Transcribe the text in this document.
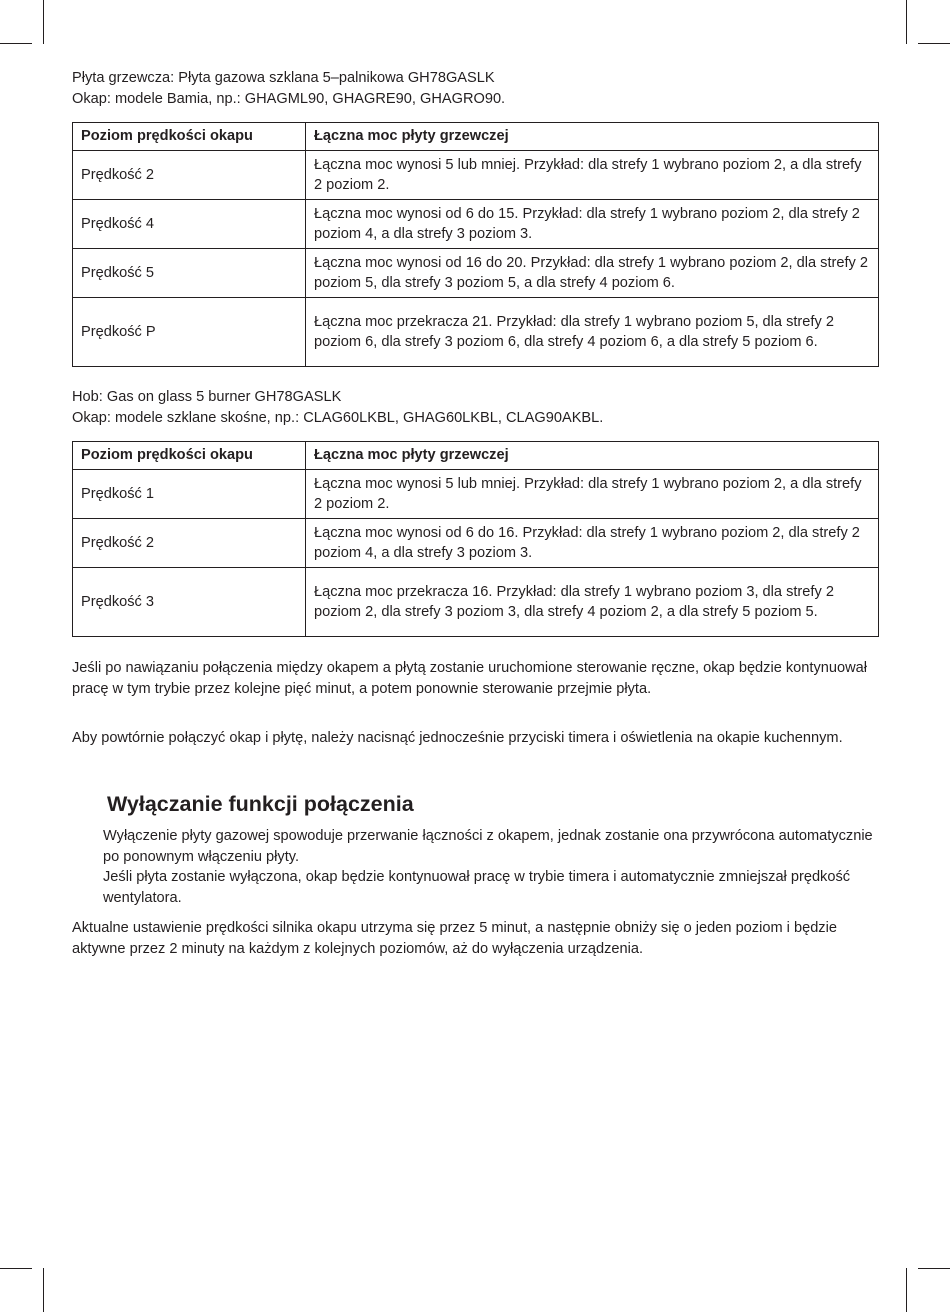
Płyta grzewcza: Płyta gazowa szklana 5–palnikowa GH78GASLK

Okap: modele Bamia, np.: GHAGML90, GHAGRE90, GHAGRO90.

Poziom prędkości okapu	Łączna moc płyty grzewczej
Prędkość 2	Łączna moc wynosi 5 lub mniej. Przykład: dla strefy 1 wybrano poziom 2, a dla strefy 2 poziom 2.
Prędkość 4	Łączna moc wynosi od 6 do 15. Przykład: dla strefy 1 wybrano poziom 2, dla strefy 2 poziom 4, a dla strefy 3 poziom 3.
Prędkość 5	Łączna moc wynosi od 16 do 20. Przykład: dla strefy 1 wybrano poziom 2, dla strefy 2 poziom 5, dla strefy 3 poziom 5, a dla strefy 4 poziom 6.
Prędkość P	Łączna moc przekracza 21. Przykład: dla strefy 1 wybrano poziom 5, dla strefy 2 poziom 6, dla strefy 3 poziom 6, dla strefy 4 poziom 6, a dla strefy 5 poziom 6.

Hob: Gas on glass 5 burner GH78GASLK

Okap: modele szklane skośne, np.: CLAG60LKBL, GHAG60LKBL, CLAG90AKBL.

Poziom prędkości okapu	Łączna moc płyty grzewczej
Prędkość 1	Łączna moc wynosi 5 lub mniej. Przykład: dla strefy 1 wybrano poziom 2, a dla strefy 2 poziom 2.
Prędkość 2	Łączna moc wynosi od 6 do 16. Przykład: dla strefy 1 wybrano poziom 2, dla strefy 2 poziom 4, a dla strefy 3 poziom 3.
Prędkość 3	Łączna moc przekracza 16. Przykład: dla strefy 1 wybrano poziom 3, dla strefy 2 poziom 2, dla strefy 3 poziom 3, dla strefy 4 poziom 2, a dla strefy 5 poziom 5.

Jeśli po nawiązaniu połączenia między okapem a płytą zostanie uruchomione sterowanie ręczne, okap będzie kontynuował pracę w tym trybie przez kolejne pięć minut, a potem ponownie sterowanie przejmie płyta.

Aby powtórnie połączyć okap i płytę, należy nacisnąć jednocześnie przyciski timera i oświetlenia na okapie kuchennym.

Wyłączanie funkcji połączenia

Wyłączenie płyty gazowej spowoduje przerwanie łączności z okapem, jednak zostanie ona przywrócona automatycznie po ponownym włączeniu płyty.

Jeśli płyta zostanie wyłączona, okap będzie kontynuował pracę w trybie timera i automatycznie zmniejszał prędkość wentylatora.

Aktualne ustawienie prędkości silnika okapu utrzyma się przez 5 minut, a następnie obniży się o jeden poziom i będzie aktywne przez 2 minuty na każdym z kolejnych poziomów, aż do wyłączenia urządzenia.
